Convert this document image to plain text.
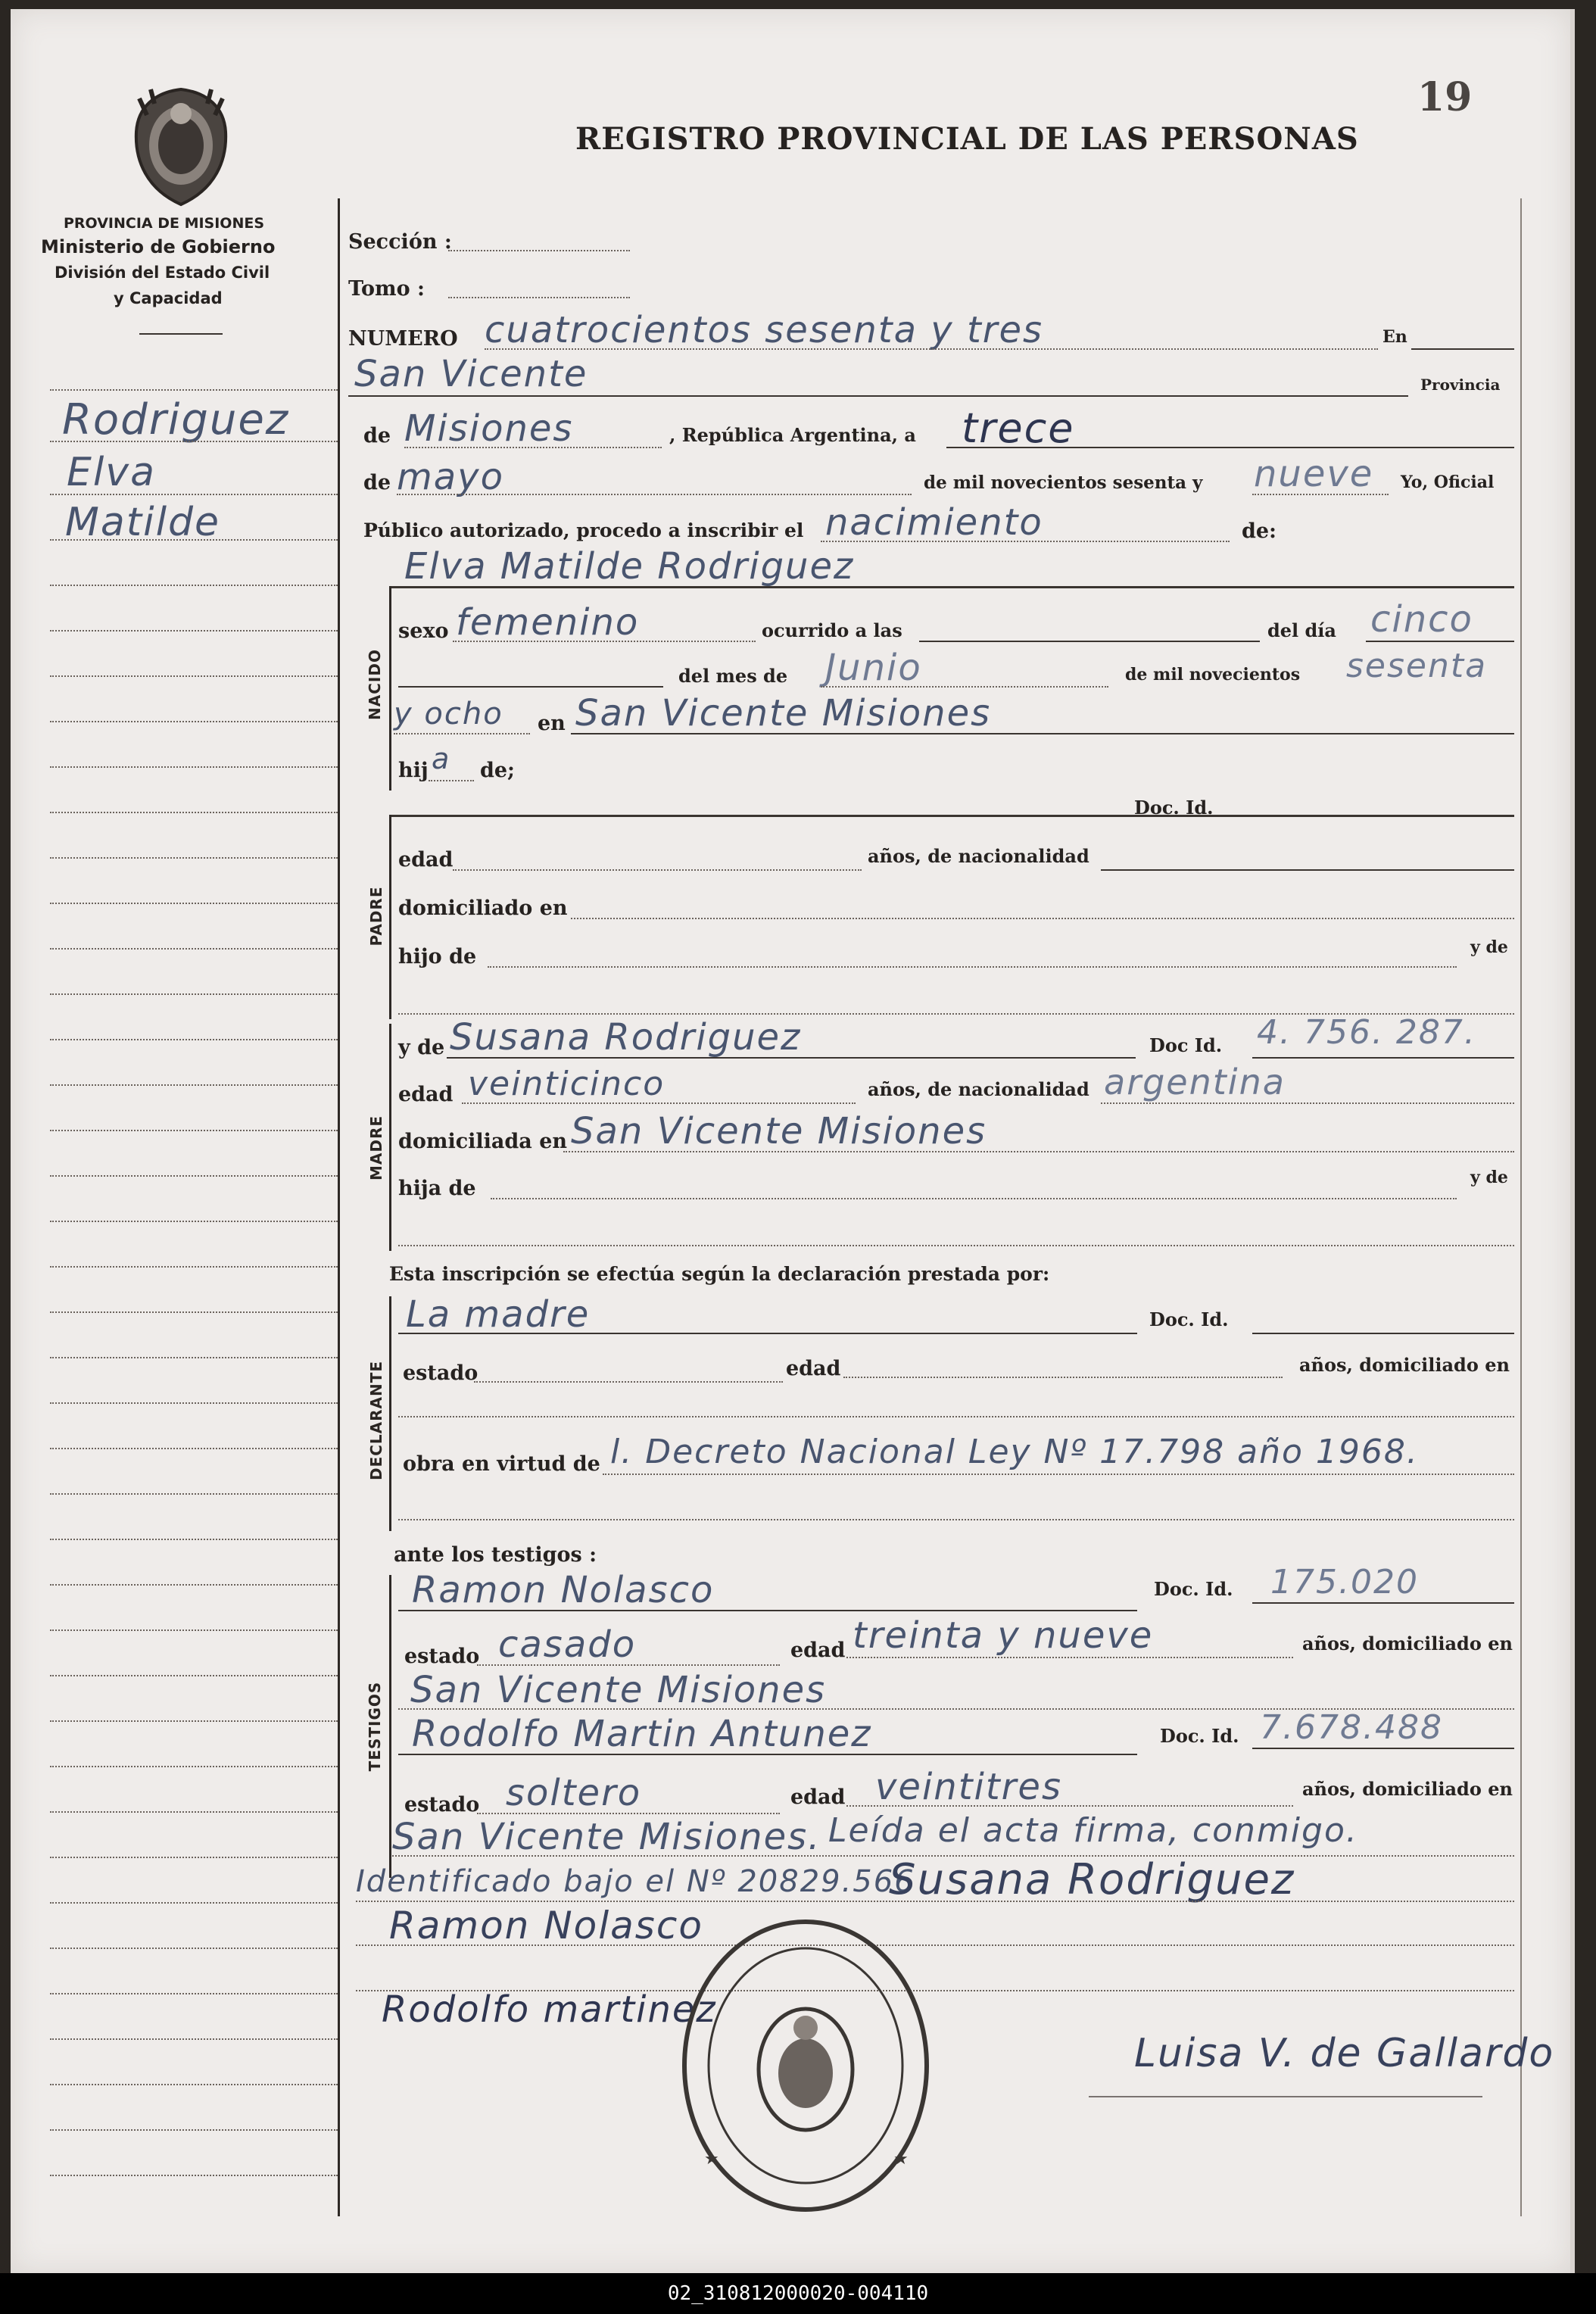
19
REGISTRO PROVINCIAL DE LAS PERSONAS
PROVINCIA DE MISIONES
Ministerio de Gobierno
División del Estado Civil
y Capacidad
Rodriguez
Elva
Matilde
Sección :
Tomo :
NUMERO cuatrocientos sesenta y tres	En
San Vicente	Provincia
de Misiones	, República Argentina, a trece
de mayo	de mil novecientos sesenta y nueve Yo, Oficial
Público autorizado, procedo a inscribir el nacimiento	de:
Elva Matilde Rodriguez
NACIDO
sexo femenino	ocurrido a las	del día cinco
del mes de Junio	de mil novecientos sesenta
y ocho en San Vicente Misiones
hij a de;
PADRE
Doc. Id.
edad	años, de nacionalidad
domiciliado en
hijo de	y de
MADRE
y de Susana Rodriguez	Doc Id. 4. 756. 287.
edad veinticinco	años, de nacionalidad argentina
domiciliada en San Vicente Misiones
hija de	y de
Esta inscripción se efectúa según la declaración prestada por:
DECLARANTE
La madre	Doc. Id.
estado	edad	años, domiciliado en
obra en virtud de l. Decreto Nacional Ley Nº 17.798 año 1968.
ante los testigos :
TESTIGOS
Ramon Nolasco	Doc. Id. 175.020
estado casado	edad treinta y nueve	años, domiciliado en
San Vicente Misiones
Rodolfo Martin Antunez	Doc. Id. 7.678.488
estado soltero	edad veintitres	años, domiciliado en
San Vicente Misiones. Leída el acta firma, conmigo.
Identificado bajo el Nº 20829.566
Susana Rodriguez
Ramon Nolasco
Rodolfo martinez
Luisa V. de Gallardo
★	★
02_310812000020-004110
